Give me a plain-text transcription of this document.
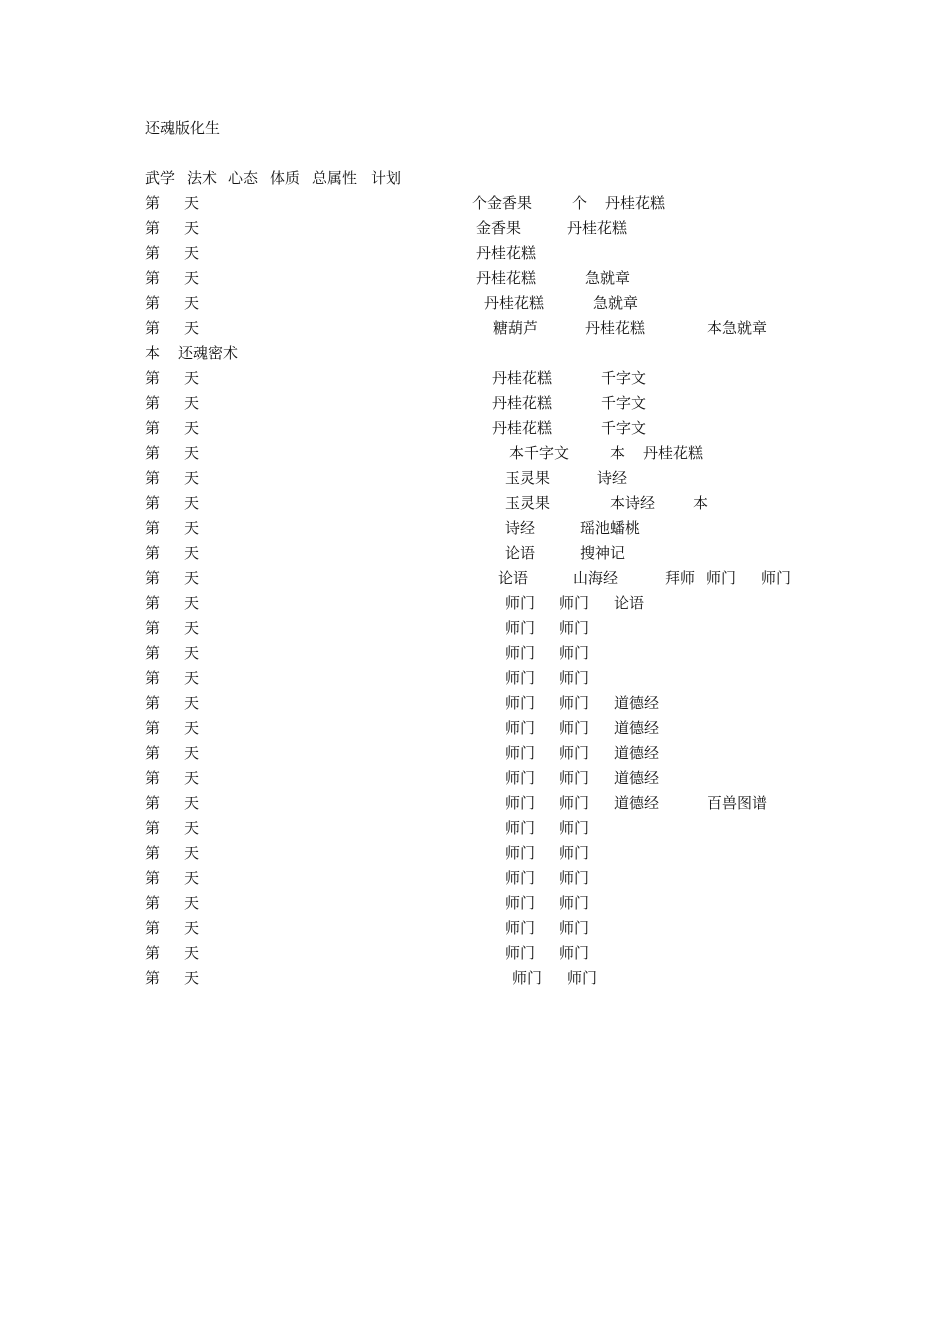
还魂版化生
武学 法术 心态 体质 总属性 计划
第 天	个金香果	个 丹桂花糕
第 天	金香果	丹桂花糕
第 天	丹桂花糕
第 天	丹桂花糕	急就章
第 天	丹桂花糕	急就章
第 天	糖葫芦	丹桂花糕	本急就章
本 还魂密术
第 天	丹桂花糕	千字文
第 天	丹桂花糕	千字文
第 天	丹桂花糕	千字文
第 天	本千字文	本 丹桂花糕
第 天	玉灵果	诗经
第 天	玉灵果	本诗经	本
第 天	诗经	瑶池蟠桃
第 天	论语	搜神记
第 天	论语	山海经	拜师 师门 师门
第 天	师门 师门 论语
第 天	师门 师门
第 天	师门 师门
第 天	师门 师门
第 天	师门 师门 道德经
第 天	师门 师门 道德经
第 天	师门 师门 道德经
第 天	师门 师门 道德经
第 天	师门 师门 道德经	百兽图谱
第 天	师门 师门
第 天	师门 师门
第 天	师门 师门
第 天	师门 师门
第 天	师门 师门
第 天	师门 师门
第 天	师门 师门
